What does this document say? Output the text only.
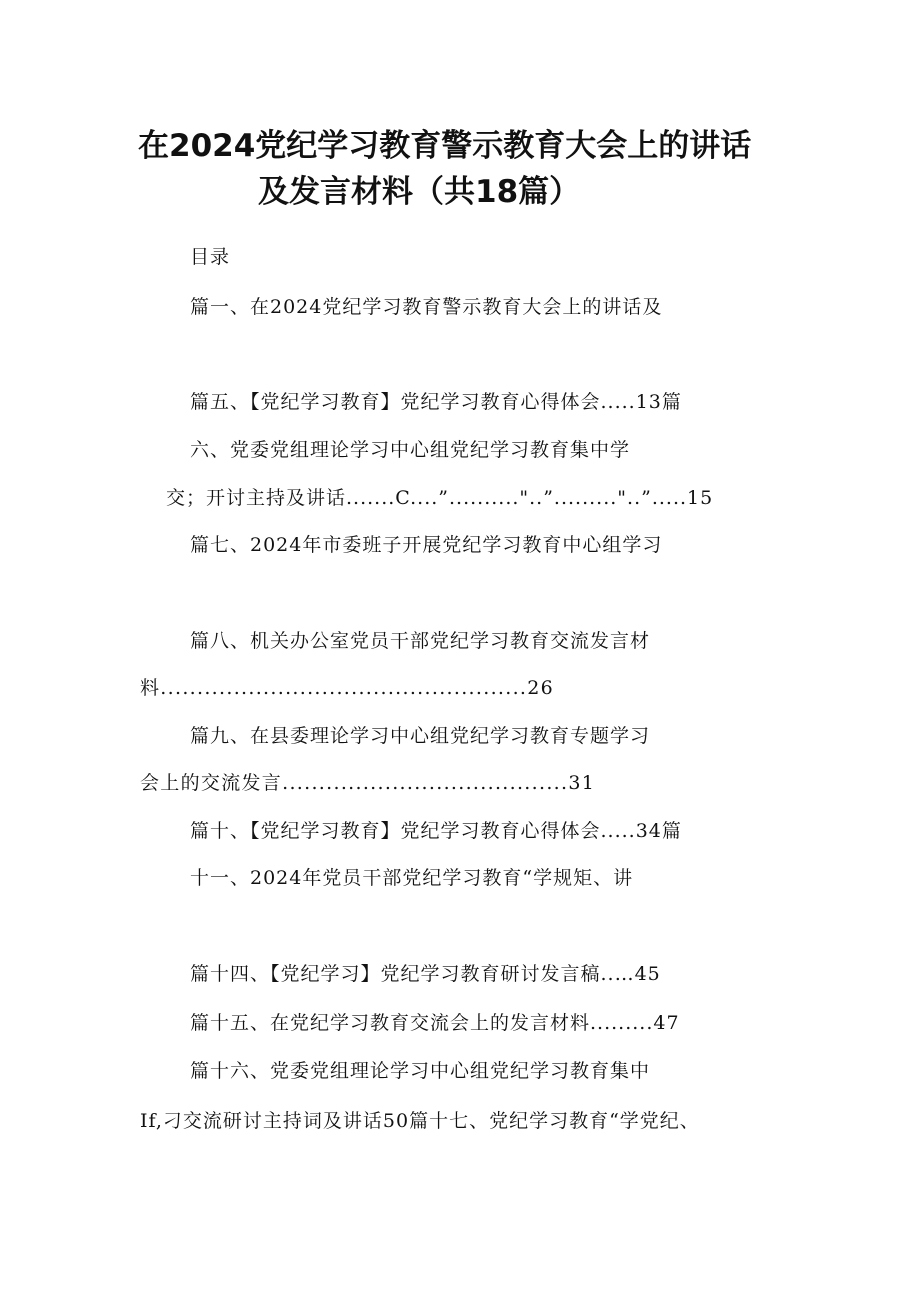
在2024党纪学习教育警示教育大会上的讲话
及发言材料（共18篇）
目录
篇一、在2024党纪学习教育警示教育大会上的讲话及
篇五、【党纪学习教育】党纪学习教育心得体会.....13篇
六、党委党组理论学习中心组党纪学习教育集中学
交；开讨主持及讲话.......C....”.........."..”........."..”.....15
篇七、2024年市委班子开展党纪学习教育中心组学习
篇八、机关办公室党员干部党纪学习教育交流发言材
料..................................................26
篇九、在县委理论学习中心组党纪学习教育专题学习
会上的交流发言.......................................31
篇十、【党纪学习教育】党纪学习教育心得体会.....34篇
十一、2024年党员干部党纪学习教育“学规矩、讲
篇十四、【党纪学习】党纪学习教育研讨发言稿..…45
篇十五、在党纪学习教育交流会上的发言材料.........47
篇十六、党委党组理论学习中心组党纪学习教育集中
If,刁交流研讨主持词及讲话50篇十七、党纪学习教育“学党纪、
